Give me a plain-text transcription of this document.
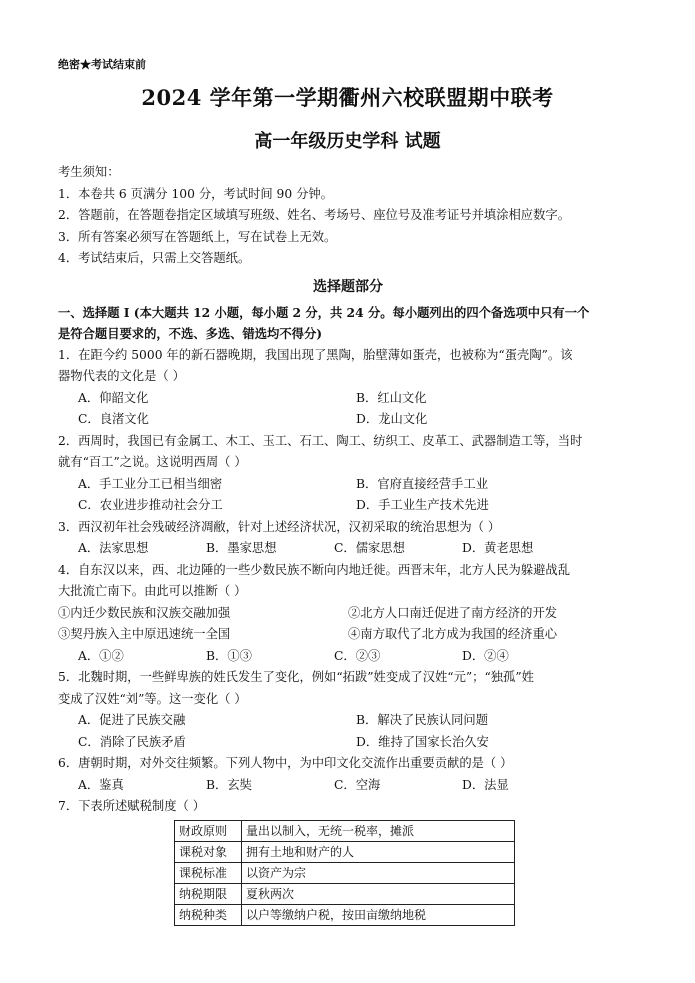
绝密★考试结束前
2024 学年第一学期衢州六校联盟期中联考
高一年级历史学科 试题
考生须知：
1．本卷共 6 页满分 100 分，考试时间 90 分钟。
2．答题前，在答题卷指定区域填写班级、姓名、考场号、座位号及准考证号并填涂相应数字。
3．所有答案必须写在答题纸上，写在试卷上无效。
4．考试结束后，只需上交答题纸。
选择题部分
一、选择题 I (本大题共 12 小题，每小题 2 分，共 24 分。每小题列出的四个备选项中只有一个
是符合题目要求的，不选、多选、错选均不得分)
1．在距今约 5000 年的新石器晚期，我国出现了黑陶，胎壁薄如蛋壳，也被称为“蛋壳陶”。该
器物代表的文化是（ ）
A．仰韶文化	B．红山文化
C．良渚文化	D．龙山文化
2．西周时，我国已有金属工、木工、玉工、石工、陶工、纺织工、皮革工、武器制造工等，当时
就有“百工”之说。这说明西周（ ）
A．手工业分工已相当细密	B．官府直接经营手工业
C．农业进步推动社会分工	D．手工业生产技术先进
3．西汉初年社会残破经济凋敝，针对上述经济状况，汉初采取的统治思想为（ ）
A．法家思想	B．墨家思想	C．儒家思想	D．黄老思想
4．自东汉以来，西、北边陲的一些少数民族不断向内地迁徙。西晋末年，北方人民为躲避战乱
大批流亡南下。由此可以推断（ ）
①内迁少数民族和汉族交融加强	②北方人口南迁促进了南方经济的开发
③契丹族入主中原迅速统一全国	④南方取代了北方成为我国的经济重心
A．①②	B．①③	C．②③	D．②④
5．北魏时期，一些鲜卑族的姓氏发生了变化，例如“拓跋”姓变成了汉姓“元”；“独孤”姓
变成了汉姓“刘”等。这一变化（ ）
A．促进了民族交融	B．解决了民族认同问题
C．消除了民族矛盾	D．维持了国家长治久安
6．唐朝时期，对外交往频繁。下列人物中，为中印文化交流作出重要贡献的是（ ）
A．鉴真	B．玄奘	C．空海	D．法显
7．下表所述赋税制度（ ）
财政原则	量出以制入，无统一税率，摊派
课税对象	拥有土地和财产的人
课税标准	以资产为宗
纳税期限	夏秋两次
纳税种类	以户等缴纳户税，按田亩缴纳地税
